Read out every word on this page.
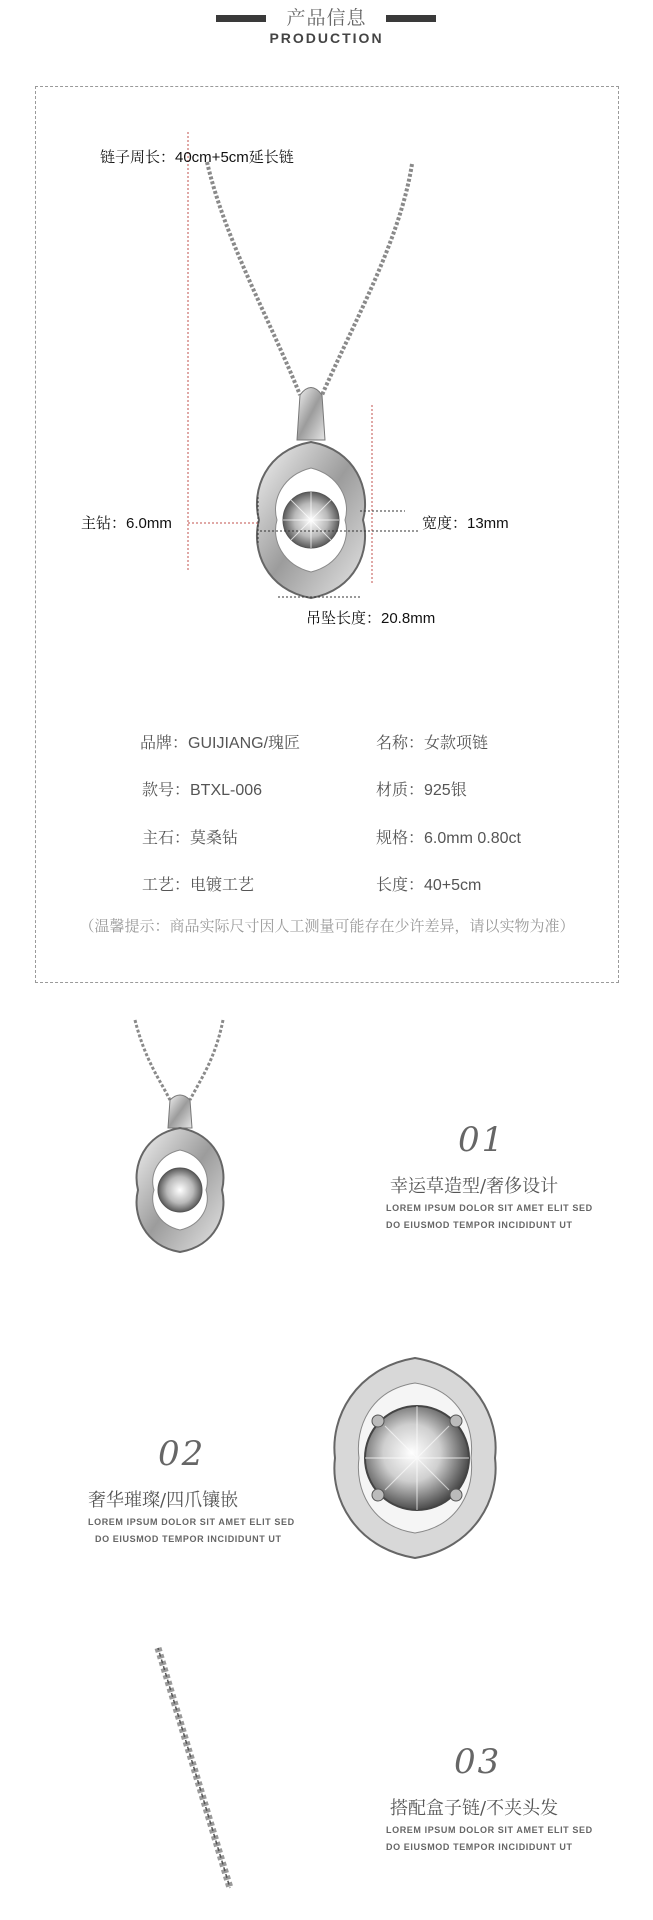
产品信息
PRODUCTION
链子周长：40cm+5cm延长链
主钻：6.0mm	宽度：13mm
吊坠长度：20.8mm
品牌：GUIJIANG/瑰匠	名称：女款项链
款号：BTXL-006	材质：925银
主石：莫桑钻	规格：6.0mm 0.80ct
工艺：电镀工艺	长度：40+5cm
（温馨提示：商品实际尺寸因人工测量可能存在少许差异，请以实物为准）
01
幸运草造型/奢侈设计
LOREM IPSUM DOLOR SIT AMET ELIT SED
DO EIUSMOD TEMPOR INCIDIDUNT UT
02
奢华璀璨/四爪镶嵌
LOREM IPSUM DOLOR SIT AMET ELIT SED
DO EIUSMOD TEMPOR INCIDIDUNT UT
03
搭配盒子链/不夹头发
LOREM IPSUM DOLOR SIT AMET ELIT SED
DO EIUSMOD TEMPOR INCIDIDUNT UT
